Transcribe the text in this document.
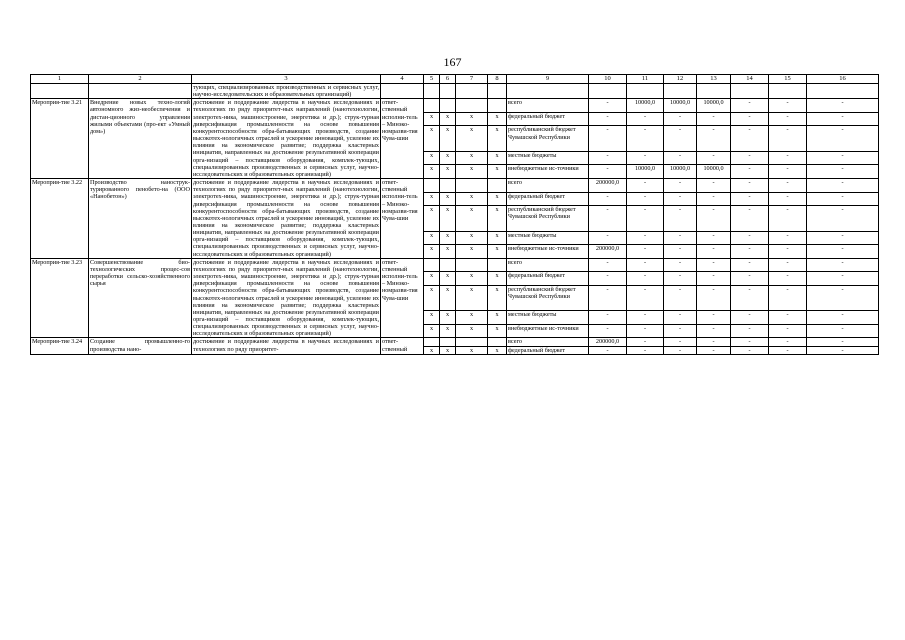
167
1	2	3	4	5	6	7	8	9	10	11	12	13	14	15	16
		тующих, специализированных производственных и сервисных услуг, научно-исследовательских и образовательных организаций)													
Мероприя-тие 3.21	Внедрение новых техно-логий автономного жиз-необеспечения и дистан-ционного управления жилыми объектами (про-ект «Умный дом»)	достижение и поддержание лидерства в научных исследованиях и технологиях по ряду приоритет-ных направлений (нанотехнологии, электротех-ника, машиностроение, энергетика и др.); струк-турная диверсификация промышленности на основе повышения конкурентоспособности обра-батывающих производств, создание высокотех-нологичных отраслей и ускорение инноваций, усиление их влияния на экономическое развитие; поддержка кластерных инициатив, направленных на достижение результативной кооперации орга-низаций – поставщиков оборудования, комплек-тующих, специализированных производственных и сервисных услуг, научно-исследовательских и образовательных организаций)	ответ-ственный исполни-тель – Минэко-номразви-тия Чува-шии					всего	-	10000,0	10000,0	10000,0	-	-	-
				x	x	x	x	федеральный бюджет	-	-	-	-	-	-	-
				x	x	x	x	республиканский бюджет Чувашской Республики	-	-	-	-	-	-	-
				x	x	x	x	местные бюджеты	-	-	-	-	-	-	-
				x	x	x	x	внебюджетные ис-точники	-	10000,0	10000,0	10000,0	-	-	-
Мероприя-тие 3.22	Производство нанострук-турированного пенобето-на (ООО «Нанобетон»)	достижение и поддержание лидерства в научных исследованиях и технологиях по ряду приоритет-ных направлений (нанотехнологии, электротех-ника, машиностроение, энергетика и др.); струк-турная диверсификация промышленности на основе повышения конкурентоспособности обра-батывающих производств, создание высокотех-нологичных отраслей и ускорение инноваций, усиление их влияния на экономическое развитие; поддержка кластерных инициатив, направленных на достижение результативной кооперации орга-низаций – поставщиков оборудования, комплек-тующих, специализированных производственных и сервисных услуг, научно-исследовательских и образовательных организаций)	ответ-ственный исполни-тель – Минэко-номразви-тия Чува-шии					всего	200000,0	-	-	-	-	-	-
				x	x	x	x	федеральный бюджет	-	-	-	-	-	-	-
				x	x	x	x	республиканский бюджет Чувашской Республики	-	-	-	-	-	-	-
				x	x	x	x	местные бюджеты	-	-	-	-	-	-	-
				x	x	x	x	внебюджетные ис-точники	200000,0	-	-	-	-	-	-
Мероприя-тие 3.23	Совершенствование био-технологических процес-сов переработки сельско-хозяйственного сырья	достижение и поддержание лидерства в научных исследованиях и технологиях по ряду приоритет-ных направлений (нанотехнологии, электротех-ника, машиностроение, энергетика и др.); струк-турная диверсификация промышленности на основе повышения конкурентоспособности обра-батывающих производств, создание высокотех-нологичных отраслей и ускорение инноваций, усиление их влияния на экономическое развитие; поддержка кластерных инициатив, направленных на достижение результативной кооперации орга-низаций – поставщиков оборудования, комплек-тующих, специализированных производственных и сервисных услуг, научно-исследовательских и образовательных организаций)	ответ-ственный исполни-тель – Минэко-номразви-тия Чува-шии					всего	-	-	-	-	-	-	-
				x	x	x	x	федеральный бюджет	-	-	-	-	-	-	-
				x	x	x	x	республиканский бюджет Чувашской Республики	-	-	-	-	-	-	-
				x	x	x	x	местные бюджеты	-	-	-	-	-	-	-
				x	x	x	x	внебюджетные ис-точники	-	-	-	-	-	-	-
Мероприя-тие 3.24	Создание промышленно-го производства нано-	достижение и поддержание лидерства в научных исследованиях и технологиях по ряду приоритет-	ответ-ственный					всего	200000,0	-	-	-	-	-	-
				x	x	x	x	федеральный бюджет	-	-	-	-	-	-	-
